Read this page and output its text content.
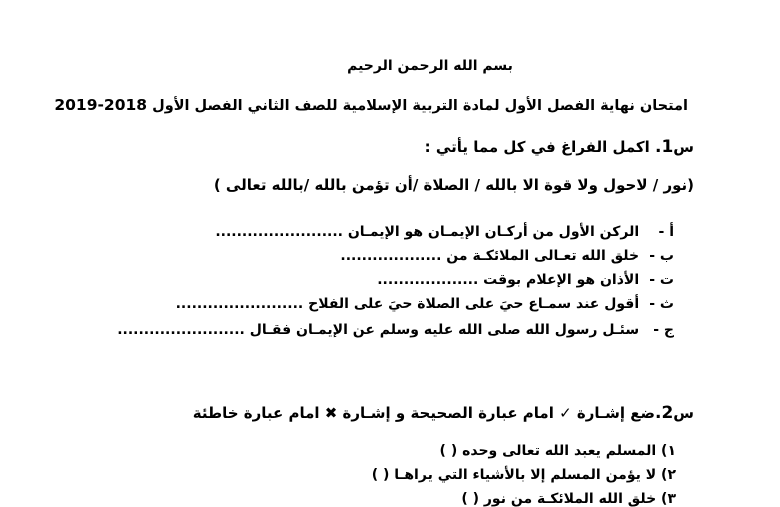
بسم الله الرحمن الرحيم
امتحان نهاية الفصل الأول لمادة التربية الإسلامية للصف الثاني الفصل الأول 2019-2018
س1. اكمل الفراغ في كل مما يأتي :
(نور / لاحول ولا قوة الا بالله / الصلاة /أن تؤمن بالله /بالله تعالى )
أ - الركن الأول من أركـان الإيمـان هو الإيمـان ........................
ب - خلق الله تعـالى الملائكـة من ...................
ت - الأذان هو الإعلام بوقت ...................
ث - أقول عند سمـاع حيَ على الصلاة حيَ على الفلاح ........................
ج - سئـل رسول الله صلى الله عليه وسلم عن الإيمـان فقـال ........................
س2.ضع إشـارة ✓ امام عبارة الصحيحة و إشـارة ✖ امام عبارة خاطئة
١) المسلم يعبد الله تعالى وحده ( )
٢) لا يؤمن المسلم إلا بالأشياء التي يراهـا ( )
٣) خلق الله الملائكـة من نور ( )
